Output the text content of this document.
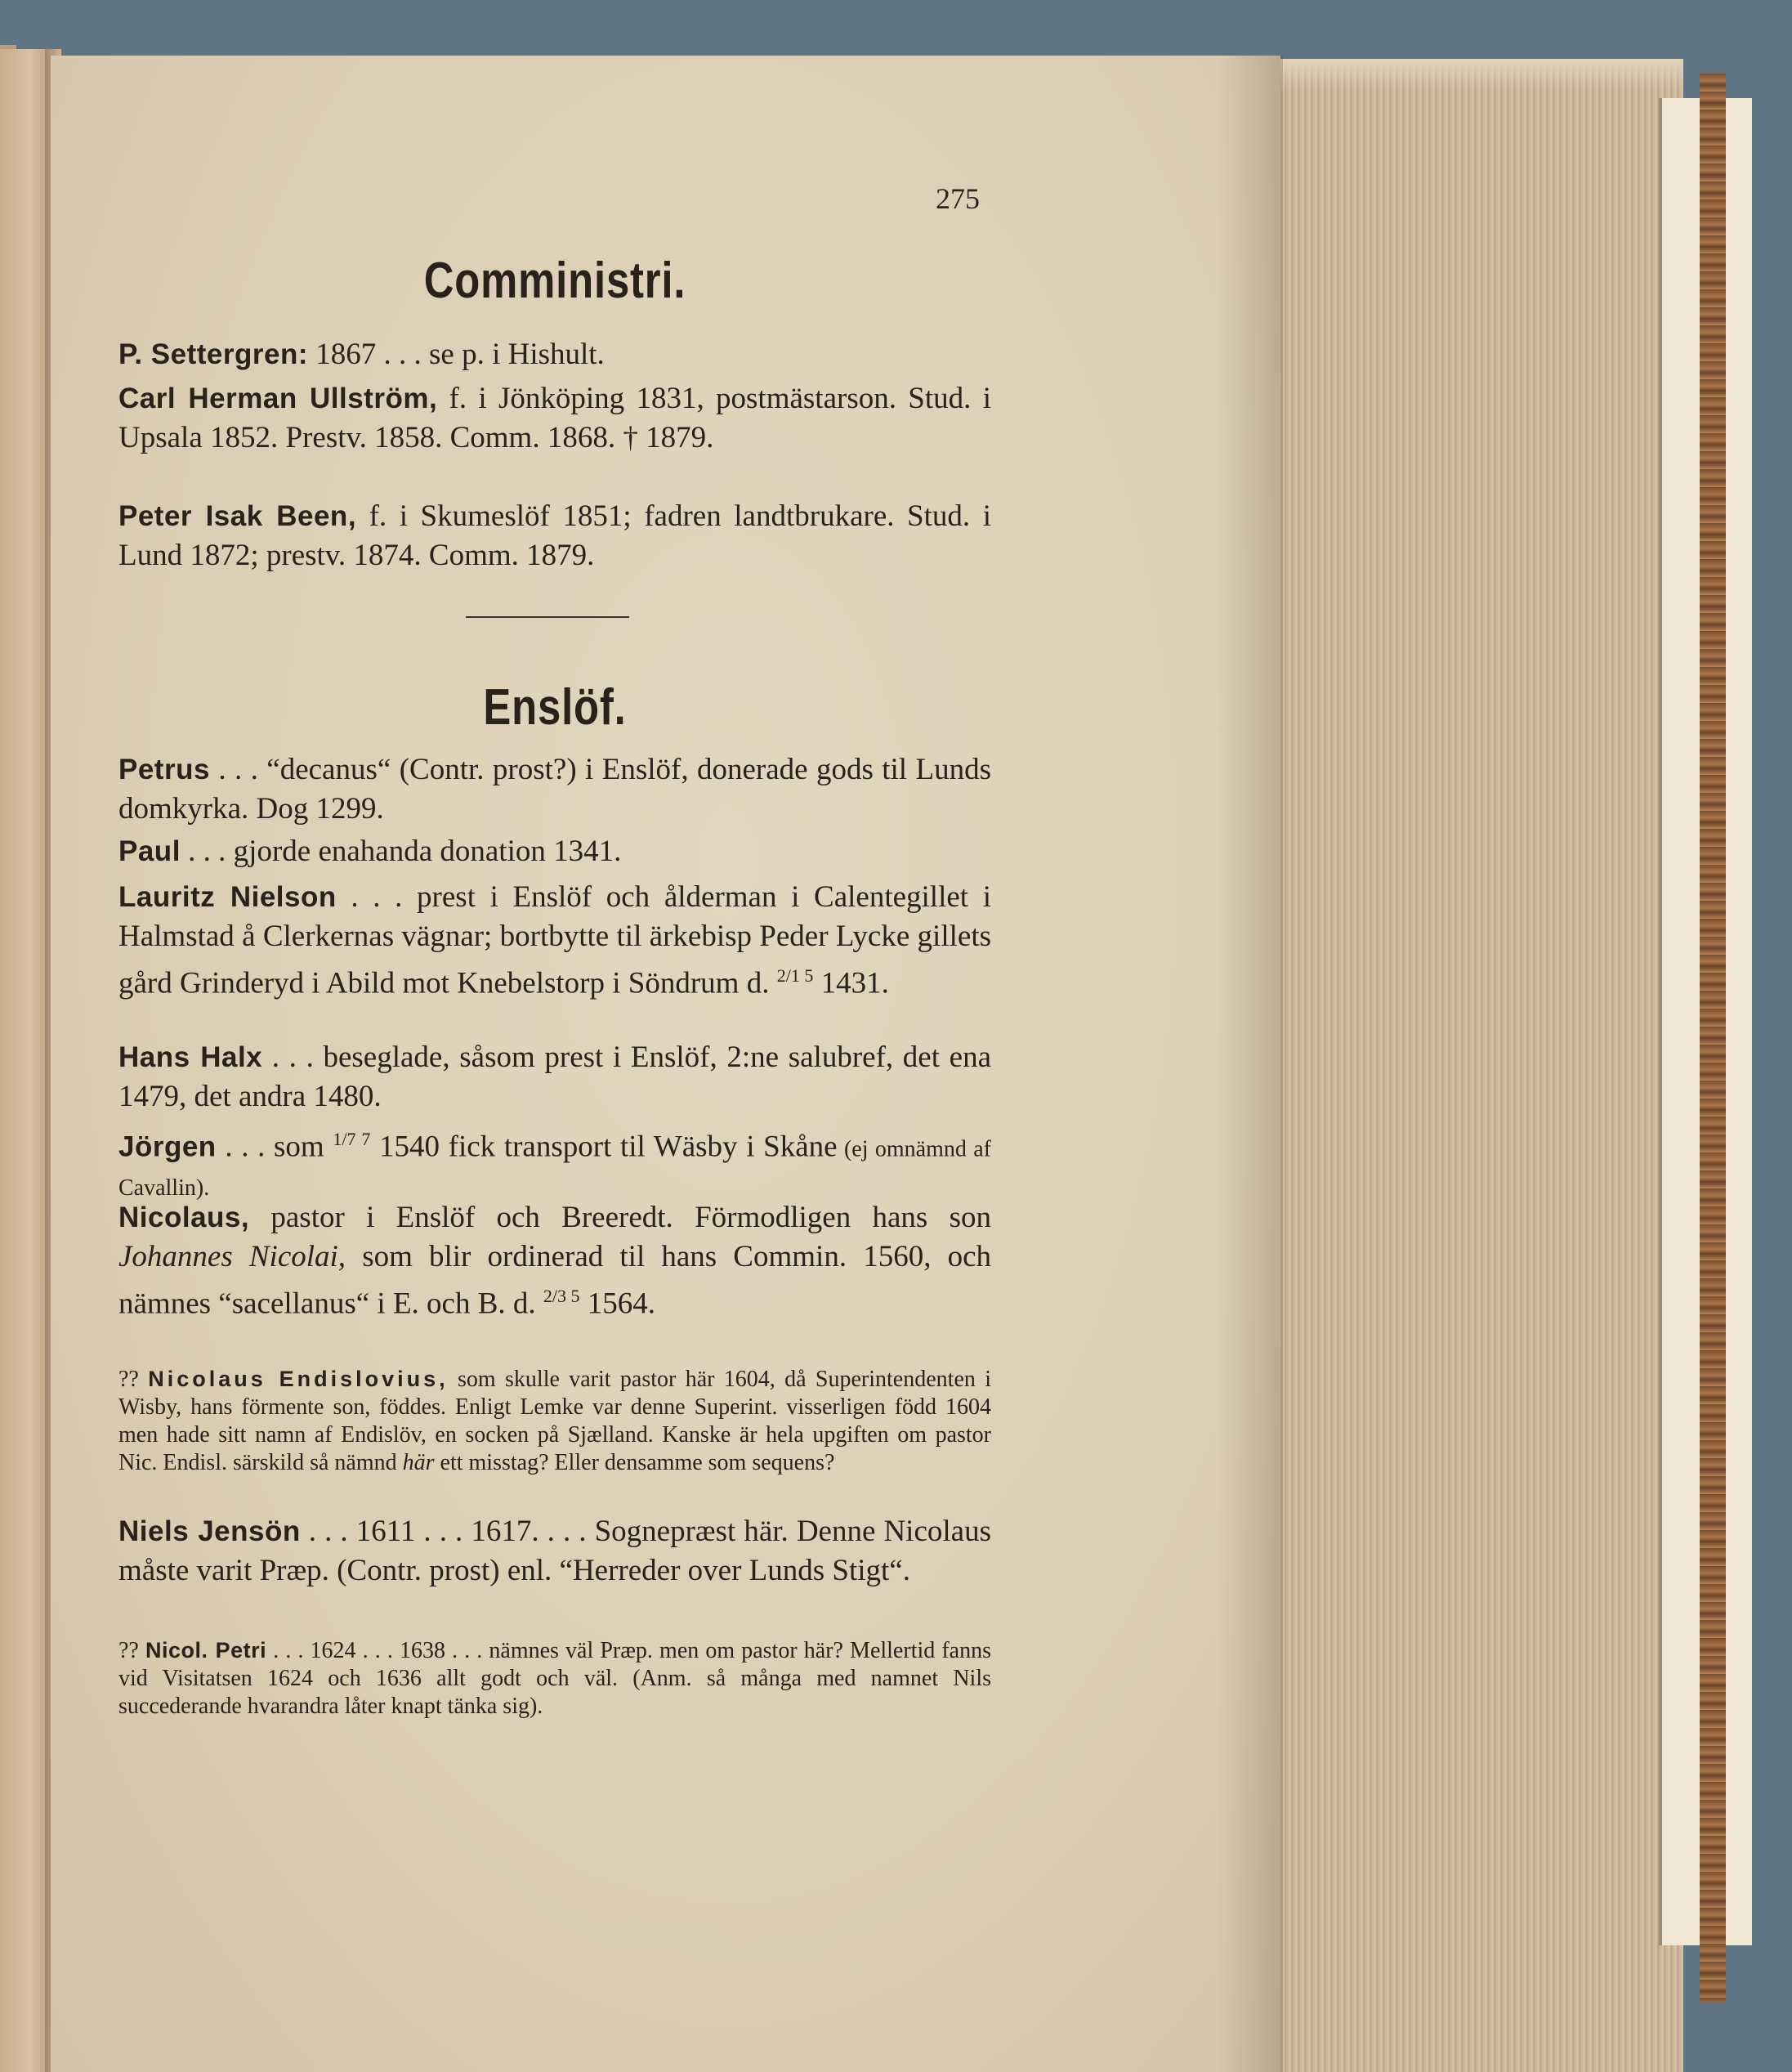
275
Comministri.
P. Settergren: 1867 . . . se p. i Hishult.
Carl Herman Ullström, f. i Jönköping 1831, postmästarson. Stud. i Upsala 1852. Prestv. 1858. Comm. 1868. † 1879.
Peter Isak Been, f. i Skumeslöf 1851; fadren landtbrukare. Stud. i Lund 1872; prestv. 1874. Comm. 1879.
Enslöf.
Petrus . . . “decanus“ (Contr. prost?) i Enslöf, donerade gods til Lunds domkyrka. Dog 1299.
Paul . . . gjorde enahanda donation 1341.
Lauritz Nielson . . . prest i Enslöf och ålderman i Calentegillet i Halmstad å Clerkernas vägnar; bortbytte til ärkebisp Peder Lycke gillets gård Grinderyd i Abild mot Knebelstorp i Söndrum d. $^{2/1 5}$ 1431.
Hans Halx . . . beseglade, såsom prest i Enslöf, 2:ne salubref, det ena 1479, det andra 1480.
Jörgen . . . som $^{1/7 7}$ 1540 fick transport til Wäsby i Skåne (ej omnämnd af Cavallin).
Nicolaus, pastor i Enslöf och Breeredt. Förmodligen hans son Johannes Nicolai, som blir ordinerad til hans Commin. 1560, och nämnes “sacellanus“ i E. och B. d. $^{2/3 5}$ 1564.
?? Nicolaus Endislovius, som skulle varit pastor här 1604, då Superintendenten i Wisby, hans förmente son, föddes. Enligt Lemke var denne Superint. visserligen född 1604 men hade sitt namn af Endislöv, en socken på Sjælland. Kanske är hela upgiften om pastor Nic. Endisl. särskild så nämnd här ett misstag? Eller densamme som sequens?
Niels Jensön . . . 1611 . . . 1617. . . . Sognepræst här. Denne Nicolaus måste varit Præp. (Contr. prost) enl. “Herreder over Lunds Stigt“.
?? Nicol. Petri . . . 1624 . . . 1638 . . . nämnes väl Præp. men om pastor här? Mellertid fanns vid Visitatsen 1624 och 1636 allt godt och väl. (Anm. så många med namnet Nils succederande hvarandra låter knapt tänka sig).
